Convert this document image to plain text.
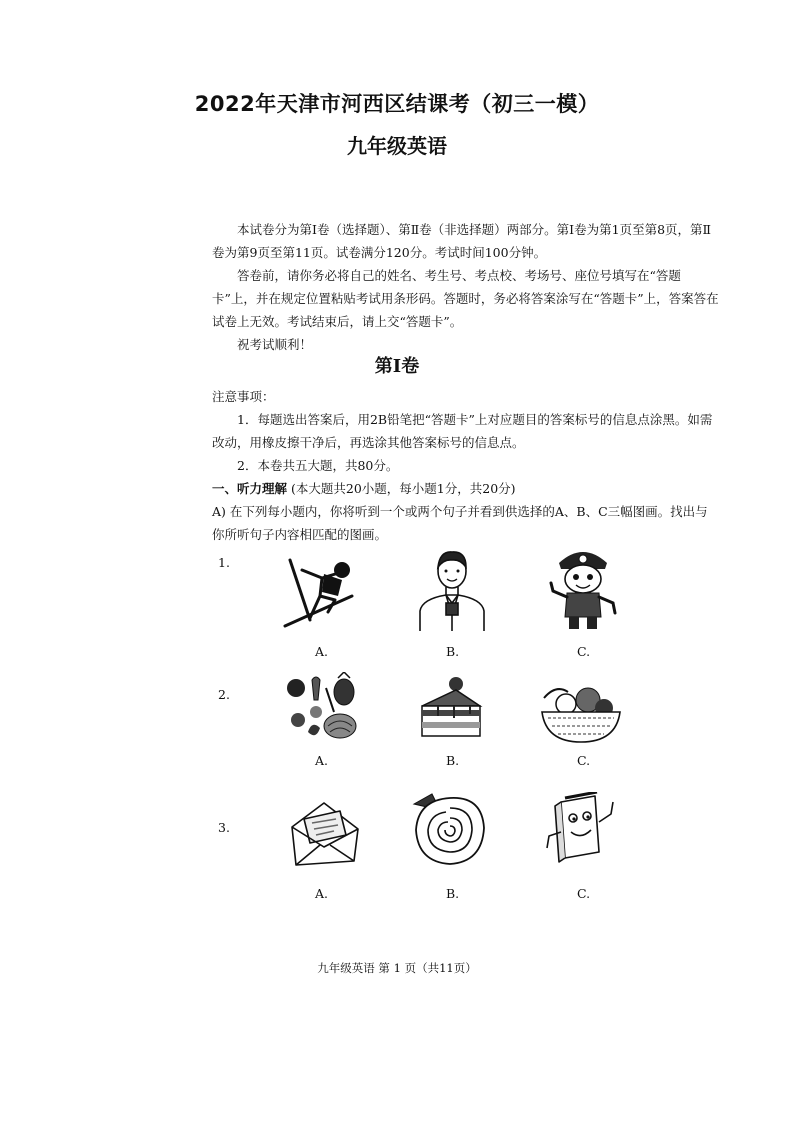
2022年天津市河西区结课考（初三一模）
九年级英语

本试卷分为第Ⅰ卷（选择题）、第Ⅱ卷（非选择题）两部分。第Ⅰ卷为第1页至第8页，第Ⅱ卷为第9页至第11页。试卷满分120分。考试时间100分钟。

答卷前，请你务必将自己的姓名、考生号、考点校、考场号、座位号填写在“答题卡”上，并在规定位置粘贴考试用条形码。答题时，务必将答案涂写在“答题卡”上，答案答在试卷上无效。考试结束后，请上交“答题卡”。

祝考试顺利！

第Ⅰ卷

注意事项：

1．每题选出答案后，用2B铅笔把“答题卡”上对应题目的答案标号的信息点涂黑。如需改动，用橡皮擦干净后，再选涂其他答案标号的信息点。

2．本卷共五大题，共80分。

一、听力理解 (本大题共20小题，每小题1分，共20分)

A) 在下列每小题内，你将听到一个或两个句子并看到供选择的A、B、C三幅图画。找出与你所听句子内容相匹配的图画。

1.
A.	B.	C.
2.
A.	B.	C.
3.
A.	B.	C.
九年级英语 第 1 页（共11页）
